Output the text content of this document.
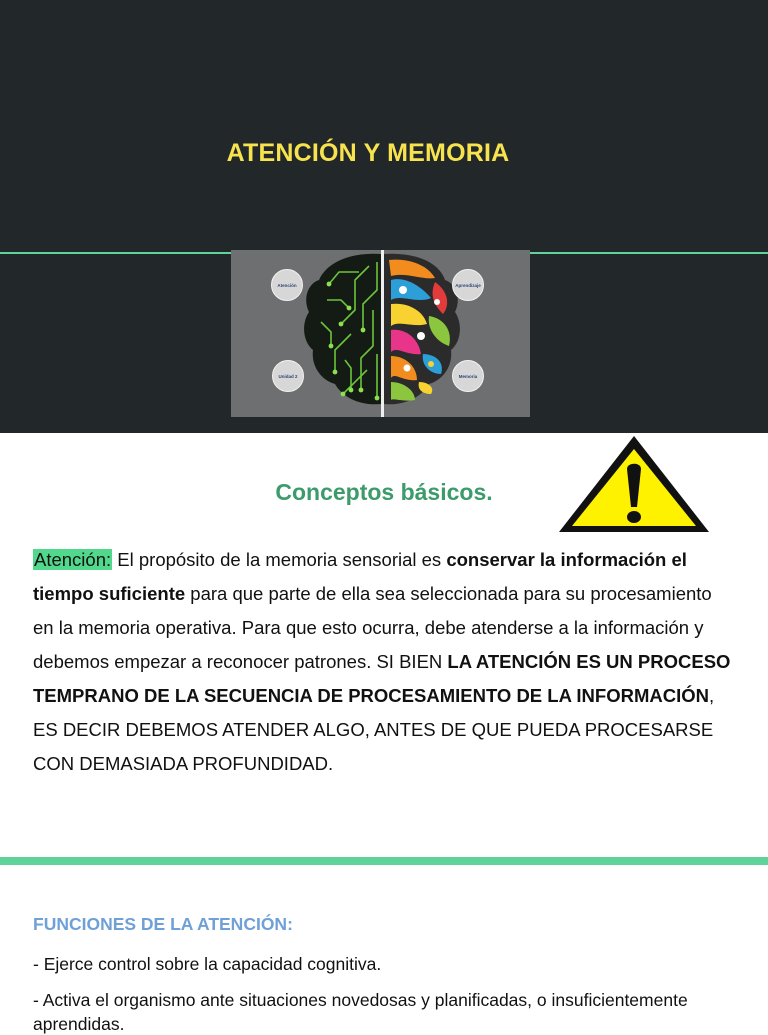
ATENCIÓN Y MEMORIA
Atención	Aprendizaje
Unidad 2	Memoria
Conceptos básicos.
Atención: El propósito de la memoria sensorial es conservar la información el tiempo suficiente para que parte de ella sea seleccionada para su procesamiento en la memoria operativa. Para que esto ocurra, debe atenderse a la información y debemos empezar a reconocer patrones. SI BIEN LA ATENCIÓN ES UN PROCESO TEMPRANO DE LA SECUENCIA DE PROCESAMIENTO DE LA INFORMACIÓN, ES DECIR DEBEMOS ATENDER ALGO, ANTES DE QUE PUEDA PROCESARSE CON DEMASIADA PROFUNDIDAD.
FUNCIONES DE LA ATENCIÓN:
- Ejerce control sobre la capacidad cognitiva.
- Activa el organismo ante situaciones novedosas y planificadas, o insuficientemente
aprendidas.
